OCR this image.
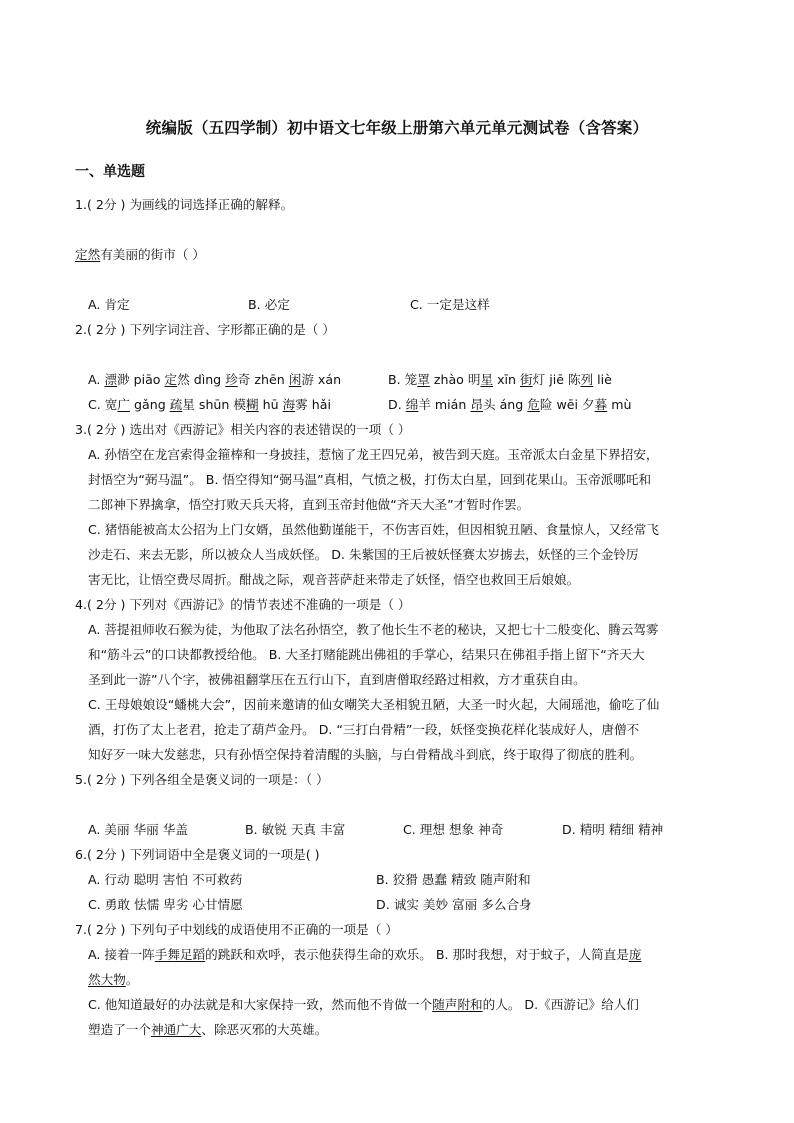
统编版（五四学制）初中语文七年级上册第六单元单元测试卷（含答案）
一、单选题
1.( 2分 ) 为画线的词选择正确的解释。
定然有美丽的街市（ ）
A. 肯定	B. 必定	C. 一定是这样
2.( 2分 ) 下列字词注音、字形都正确的是（ ）
A. 漂渺 piāo 定然 dìng 珍奇 zhēn 闲游 xán	B. 笼罩 zhào 明星 xīn 街灯 jiē 陈列 liè
C. 宽广 gǎng 疏星 shūn 模糊 hū 海雾 hǎi	D. 绵羊 mián 昂头 áng 危险 wēi 夕暮 mù
3.( 2分 ) 选出对《西游记》相关内容的表述错误的一项（ ）
A. 孙悟空在龙宫索得金箍棒和一身披挂，惹恼了龙王四兄弟，被告到天庭。玉帝派太白金星下界招安，
封悟空为“弼马温”。 B. 悟空得知“弼马温”真相，气愤之极，打伤太白星，回到花果山。玉帝派哪吒和
二郎神下界擒拿，悟空打败天兵天将，直到玉帝封他做“齐天大圣”才暂时作罢。
C. 猪悟能被高太公招为上门女婿，虽然他勤谨能干，不伤害百姓，但因相貌丑陋、食量惊人，又经常飞
沙走石、来去无影，所以被众人当成妖怪。 D. 朱紫国的王后被妖怪赛太岁掳去，妖怪的三个金铃厉
害无比，让悟空费尽周折。酣战之际，观音菩萨赶来带走了妖怪，悟空也救回王后娘娘。
4.( 2分 ) 下列对《西游记》的情节表述不准确的一项是（ ）
A. 菩提祖师收石猴为徒，为他取了法名孙悟空，教了他长生不老的秘诀，又把七十二般变化、腾云驾雾
和“筋斗云”的口诀都教授给他。 B. 大圣打赌能跳出佛祖的手掌心，结果只在佛祖手指上留下“齐天大
圣到此一游”八个字，被佛祖翻掌压在五行山下，直到唐僧取经路过相救，方才重获自由。
C. 王母娘娘设“蟠桃大会”，因前来邀请的仙女嘲笑大圣相貌丑陋，大圣一时火起，大闹瑶池，偷吃了仙
酒，打伤了太上老君，抢走了葫芦金丹。 D. “三打白骨精”一段，妖怪变换花样化装成好人，唐僧不
知好歹一味大发慈悲，只有孙悟空保持着清醒的头脑，与白骨精战斗到底，终于取得了彻底的胜利。
5.( 2分 ) 下列各组全是褒义词的一项是：（ ）
A. 美丽 华丽 华盖	B. 敏锐 天真 丰富	C. 理想 想象 神奇	D. 精明 精细 精神
6.( 2分 ) 下列词语中全是褒义词的一项是( )
A. 行动 聪明 害怕 不可救药	B. 狡猾 愚蠢 精致 随声附和
C. 勇敢 怯懦 卑劣 心甘情愿	D. 诚实 美妙 富丽 多么合身
7.( 2分 ) 下列句子中划线的成语使用不正确的一项是（ ）
A. 接着一阵手舞足蹈的跳跃和欢呼，表示他获得生命的欢乐。 B. 那时我想，对于蚊子，人简直是庞
然大物。
C. 他知道最好的办法就是和大家保持一致，然而他不肯做一个随声附和的人。 D.《西游记》给人们
塑造了一个神通广大、除恶灭邪的大英雄。
